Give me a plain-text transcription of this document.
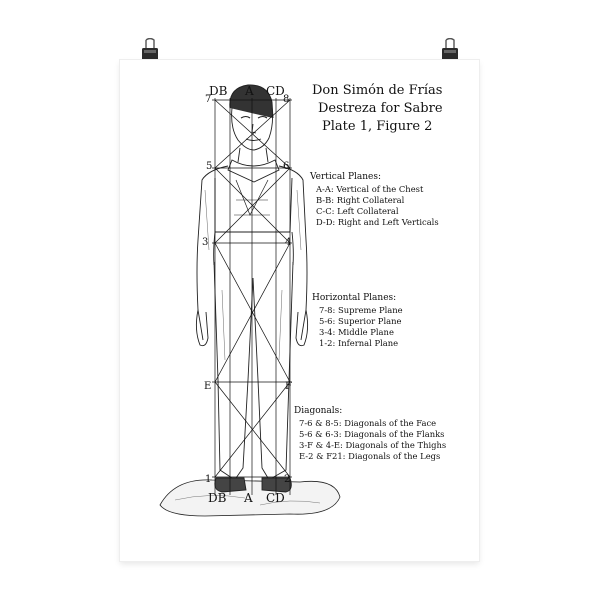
DB A CD
7	8
5	6
3	4
E	F
1	2
DB A CD
Don Simón de Frías
Destreza for Sabre
Plate 1, Figure 2
Vertical Planes:
A-A: Vertical of the Chest
B-B: Right Collateral
C-C: Left Collateral
D-D: Right and Left Verticals
Horizontal Planes:
7-8: Supreme Plane
5-6: Superior Plane
3-4: Middle Plane
1-2: Infernal Plane
Diagonals:
7-6 & 8-5: Diagonals of the Face
5-6 & 6-3: Diagonals of the Flanks
3-F & 4-E: Diagonals of the Thighs
E-2 & F21: Diagonals of the Legs
